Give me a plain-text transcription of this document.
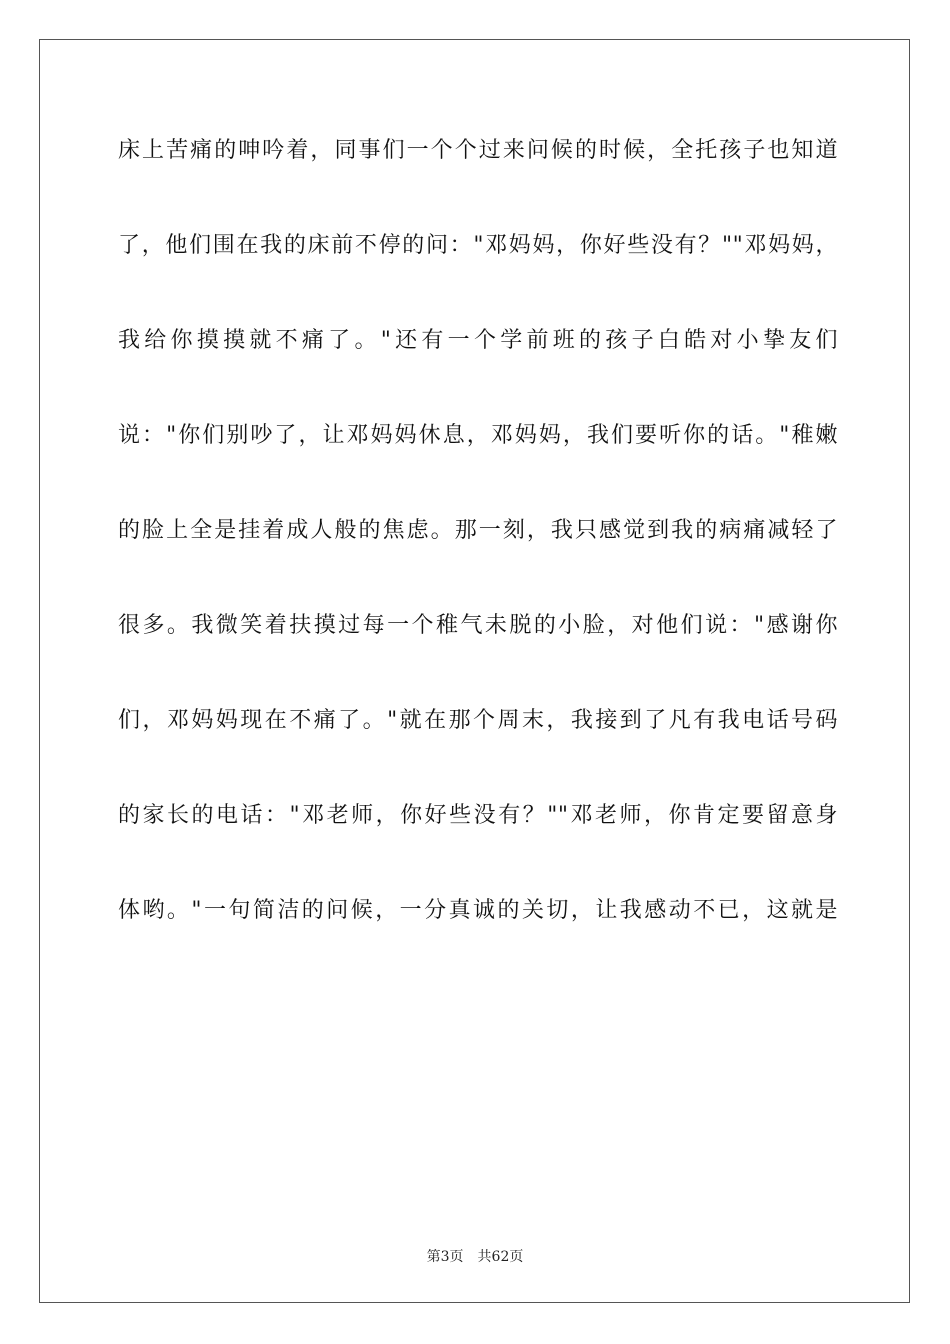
床上苦痛的呻吟着，同事们一个个过来问候的时候，全托孩子也知道
了，他们围在我的床前不停的问："邓妈妈，你好些没有？""邓妈妈，
我给你摸摸就不痛了。"还有一个学前班的孩子白皓对小挚友们
说："你们别吵了，让邓妈妈休息，邓妈妈，我们要听你的话。"稚嫩
的脸上全是挂着成人般的焦虑。那一刻，我只感觉到我的病痛减轻了
很多。我微笑着扶摸过每一个稚气未脱的小脸，对他们说："感谢你
们，邓妈妈现在不痛了。"就在那个周末，我接到了凡有我电话号码
的家长的电话："邓老师，你好些没有？""邓老师，你肯定要留意身
体哟。"一句简洁的问候，一分真诚的关切，让我感动不已，这就是
第3页 共62页
